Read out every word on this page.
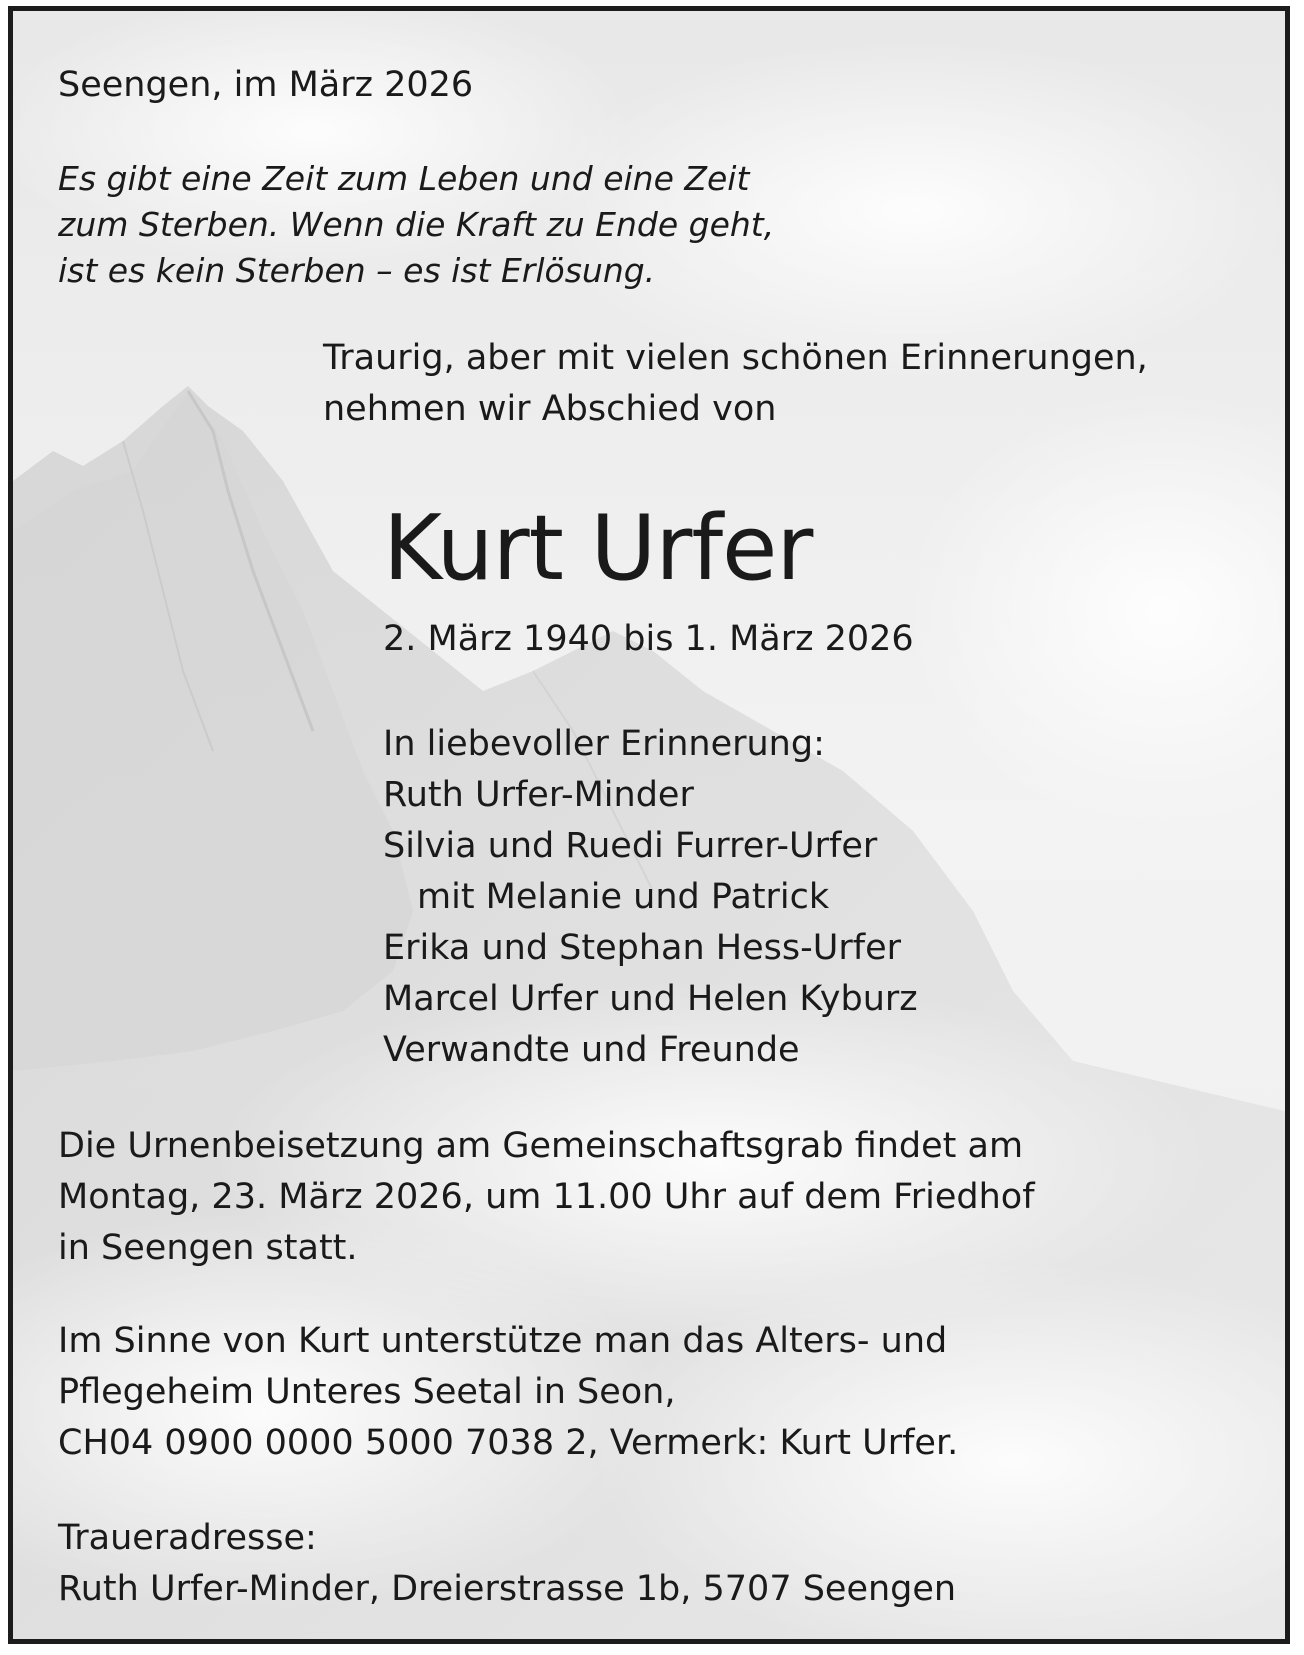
Seengen, im März 2026

Es gibt eine Zeit zum Leben und eine Zeit
zum Sterben. Wenn die Kraft zu Ende geht,
ist es kein Sterben – es ist Erlösung.

Traurig, aber mit vielen schönen Erinnerungen,
nehmen wir Abschied von

Kurt Urfer

2. März 1940 bis 1. März 2026

In liebevoller Erinnerung:
Ruth Urfer-Minder
Silvia und Ruedi Furrer-Urfer
mit Melanie und Patrick
Erika und Stephan Hess-Urfer
Marcel Urfer und Helen Kyburz
Verwandte und Freunde

Die Urnenbeisetzung am Gemeinschaftsgrab findet am
Montag, 23. März 2026, um 11.00 Uhr auf dem Friedhof
in Seengen statt.

Im Sinne von Kurt unterstütze man das Alters- und
Pflegeheim Unteres Seetal in Seon,
CH04 0900 0000 5000 7038 2, Vermerk: Kurt Urfer.

Traueradresse:
Ruth Urfer-Minder, Dreierstrasse 1b, 5707 Seengen
